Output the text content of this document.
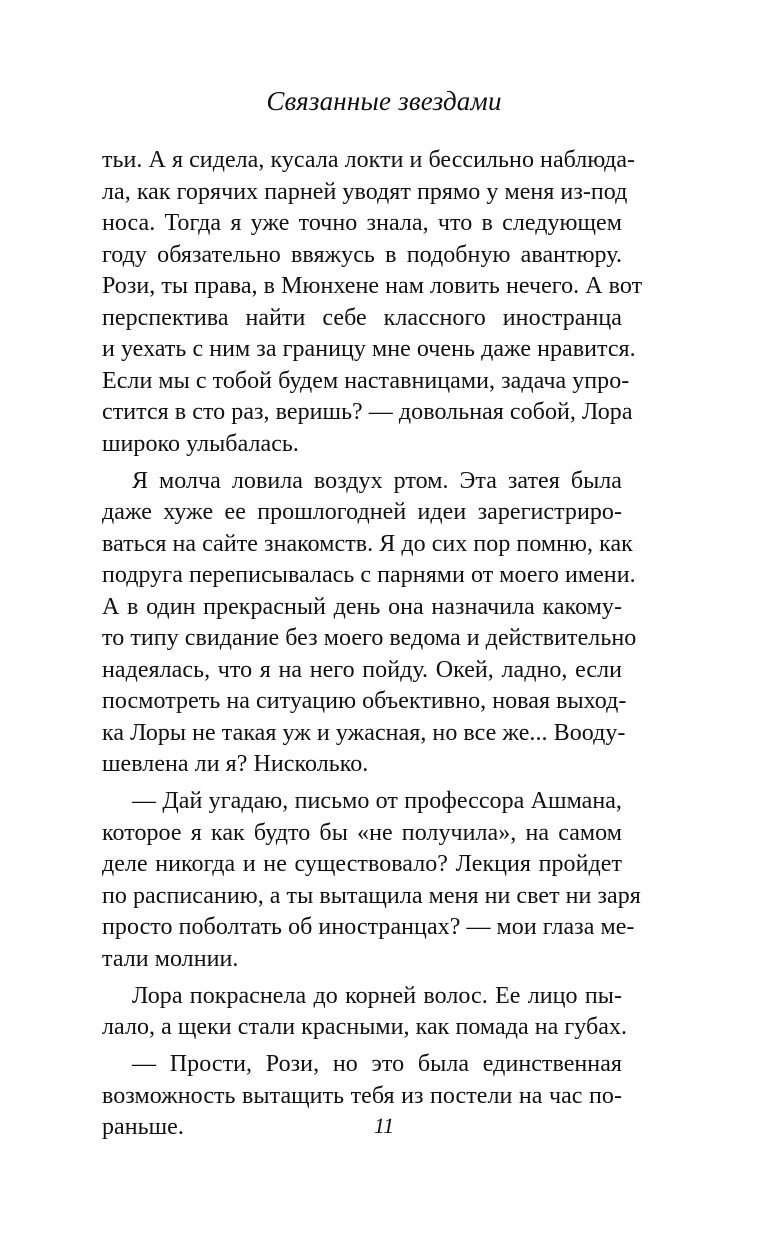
Связанные звездами
тьи. А я сидела, кусала локти и бессильно наблюда-
ла, как горячих парней уводят прямо у меня из-под
носа. Тогда я уже точно знала, что в следующем
году обязательно ввяжусь в подобную авантюру.
Рози, ты права, в Мюнхене нам ловить нечего. А вот
перспектива найти себе классного иностранца
и уехать с ним за границу мне очень даже нравится.
Если мы с тобой будем наставницами, задача упро-
стится в сто раз, веришь? — довольная собой, Лора
широко улыбалась.
Я молча ловила воздух ртом. Эта затея была
даже хуже ее прошлогодней идеи зарегистриро-
ваться на сайте знакомств. Я до сих пор помню, как
подруга переписывалась с парнями от моего имени.
А в один прекрасный день она назначила какому-
то типу свидание без моего ведома и действительно
надеялась, что я на него пойду. Окей, ладно, если
посмотреть на ситуацию объективно, новая выход-
ка Лоры не такая уж и ужасная, но все же... Вооду-
шевлена ли я? Нисколько.
— Дай угадаю, письмо от профессора Ашмана,
которое я как будто бы «не получила», на самом
деле никогда и не существовало? Лекция пройдет
по расписанию, а ты вытащила меня ни свет ни заря
просто поболтать об иностранцах? — мои глаза ме-
тали молнии.
Лора покраснела до корней волос. Ее лицо пы-
лало, а щеки стали красными, как помада на губах.
— Прости, Рози, но это была единственная
возможность вытащить тебя из постели на час по-
раньше.	11
